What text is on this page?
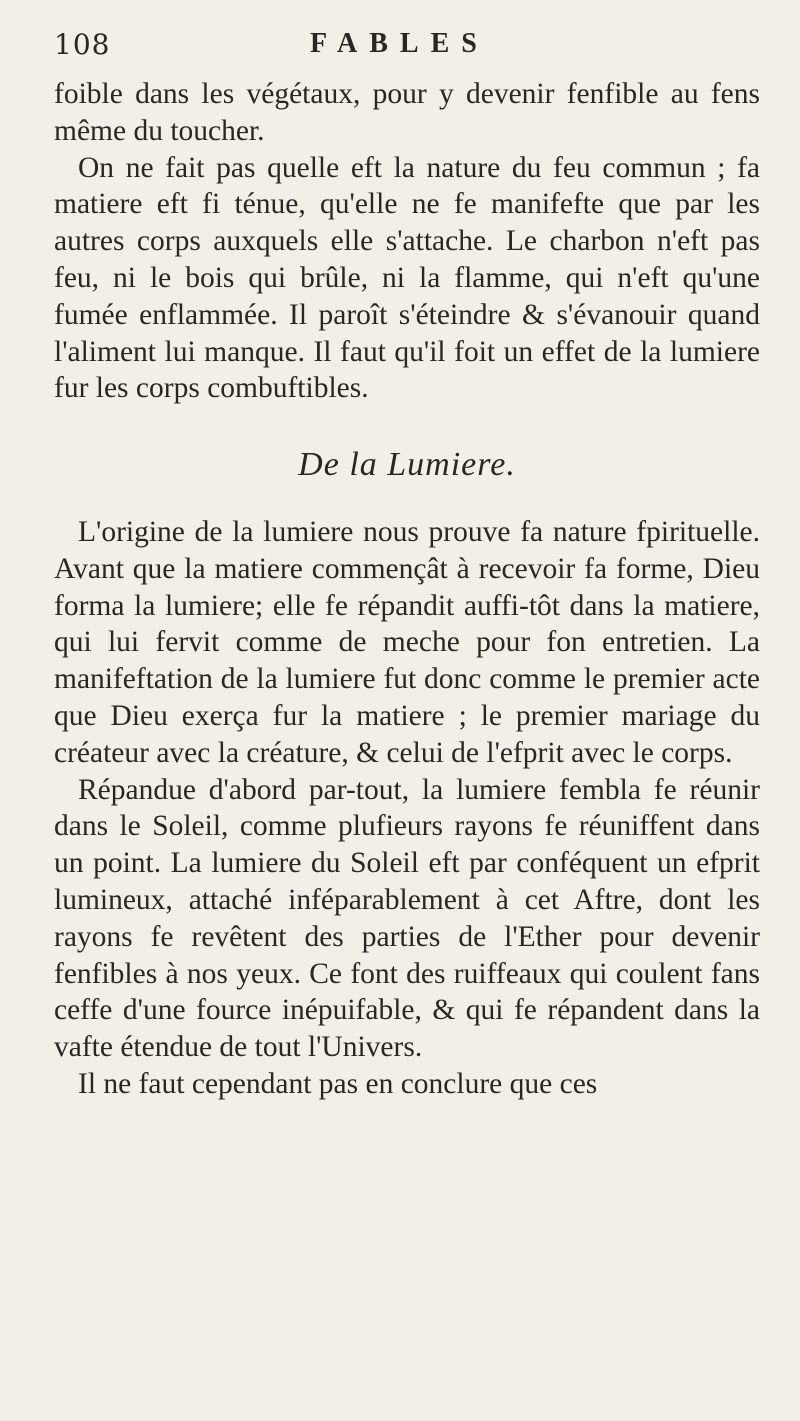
108	FABLES

foible dans les végétaux, pour y devenir fenfible au fens même du toucher.

On ne fait pas quelle eft la nature du feu commun ; fa matiere eft fi ténue, qu'elle ne fe manifefte que par les autres corps auxquels elle s'attache. Le charbon n'eft pas feu, ni le bois qui brûle, ni la flamme, qui n'eft qu'une fumée enflammée. Il paroît s'éteindre & s'évanouir quand l'aliment lui manque. Il faut qu'il foit un effet de la lumiere fur les corps combuftibles.

De la Lumiere.

L'origine de la lumiere nous prouve fa nature fpirituelle. Avant que la matiere commençât à recevoir fa forme, Dieu forma la lumiere; elle fe répandit auffi-tôt dans la matiere, qui lui fervit comme de meche pour fon entretien. La manifeftation de la lumiere fut donc comme le premier acte que Dieu exerça fur la matiere ; le premier mariage du créateur avec la créature, & celui de l'efprit avec le corps.

Répandue d'abord par-tout, la lumiere fembla fe réunir dans le Soleil, comme plufieurs rayons fe réuniffent dans un point. La lumiere du Soleil eft par conféquent un efprit lumineux, attaché inféparablement à cet Aftre, dont les rayons fe revêtent des parties de l'Ether pour devenir fenfibles à nos yeux. Ce font des ruiffeaux qui coulent fans ceffe d'une fource inépuifable, & qui fe répandent dans la vafte étendue de tout l'Univers.

Il ne faut cependant pas en conclure que ces
